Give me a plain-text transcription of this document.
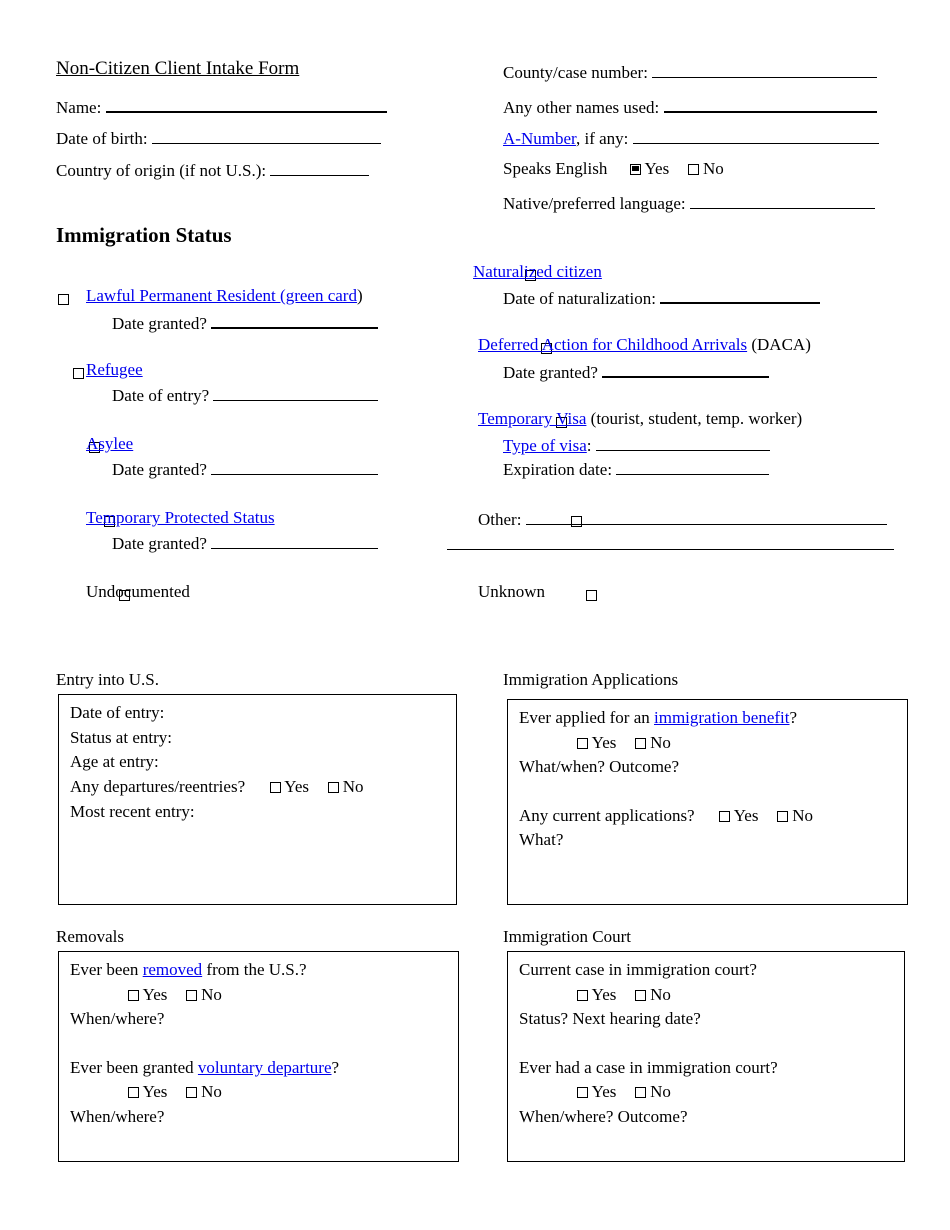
Non-Citizen Client Intake Form
Name:
Date of birth:
Country of origin (if not U.S.):
County/case number:
Any other names used:
A-Number, if any:
Speaks English Yes No
Native/preferred language:
Immigration Status

Lawful Permanent Resident (green card)
Date granted?

Refugee
Date of entry?

Asylee
Date granted?

Temporary Protected Status
Date granted?

Undocumented

Naturalized citizen
Date of naturalization:

Deferred Action for Childhood Arrivals (DACA)
Date granted?

Temporary Visa (tourist, student, temp. worker)
Type of visa:
Expiration date:

Other:
Unknown
Entry into U.S.
Date of entry:
Status at entry:
Age at entry:
Any departures/reentries? Yes No
Most recent entry:
Immigration Applications
Ever applied for an immigration benefit?
Yes No
What/when? Outcome?
Any current applications? Yes No
What?
Removals
Ever been removed from the U.S.?
Yes No
When/where?
Ever been granted voluntary departure?
Yes No
When/where?
Immigration Court
Current case in immigration court?
Yes No
Status? Next hearing date?
Ever had a case in immigration court?
Yes No
When/where? Outcome?
